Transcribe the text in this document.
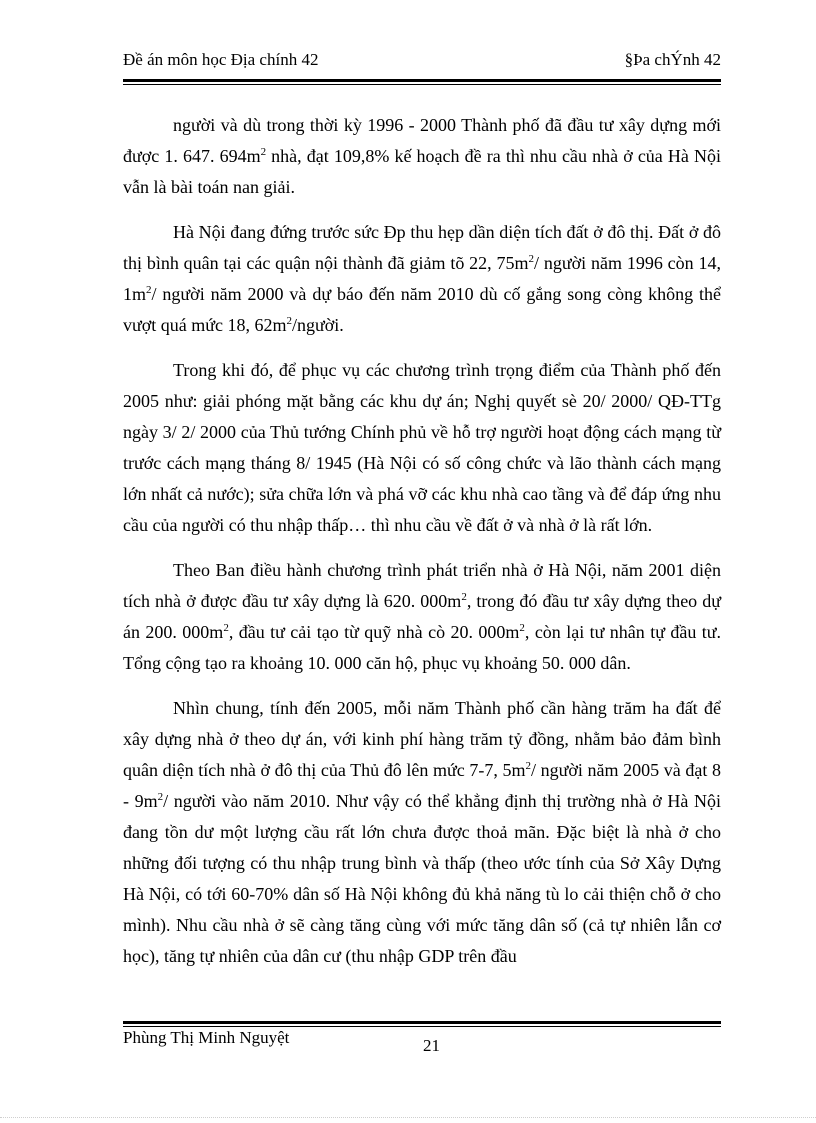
Đề án môn học Địa chính 42	§Þa chÝnh 42

người và dù trong thời kỳ 1996 - 2000 Thành phố đã đầu tư xây dựng mới được 1. 647. $694m^2$ nhà, đạt 109,8% kế hoạch đề ra thì nhu cầu nhà ở của Hà Nội vẫn là bài toán nan giải.

Hà Nội đang đứng trước sức Ðp thu hẹp dần diện tích đất ở đô thị. Đất ở đô thị bình quân tại các quận nội thành đã giảm tõ 22, $75m^2/$ người năm 1996 còn 14, $1m^2/$ người năm 2000 và dự báo đến năm 2010 dù cố gắng song còng không thể vượt quá mức 18, $62m^2$/người.

Trong khi đó, để phục vụ các chương trình trọng điểm của Thành phố đến 2005 như: giải phóng mặt bằng các khu dự án; Nghị quyết sè 20/ 2000/ QĐ-TTg ngày 3/ 2/ 2000 của Thủ tướng Chính phủ về hỗ trợ người hoạt động cách mạng từ trước cách mạng tháng 8/ 1945 (Hà Nội có số công chức và lão thành cách mạng lớn nhất cả nước); sửa chữa lớn và phá vỡ các khu nhà cao tầng và để đáp ứng nhu cầu của người có thu nhập thấp… thì nhu cầu về đất ở và nhà ở là rất lớn.

Theo Ban điều hành chương trình phát triển nhà ở Hà Nội, năm 2001 diện tích nhà ở được đầu tư xây dựng là 620. $000m^2$, trong đó đầu tư xây dựng theo dự án 200. $000m^2$, đầu tư cải tạo từ quỹ nhà cò 20. $000m^2$, còn lại tư nhân tự đầu tư. Tổng cộng tạo ra khoảng 10. 000 căn hộ, phục vụ khoảng 50. 000 dân.

Nhìn chung, tính đến 2005, mỗi năm Thành phố cần hàng trăm ha đất để xây dựng nhà ở theo dự án, với kinh phí hàng trăm tỷ đồng, nhằm bảo đảm bình quân diện tích nhà ở đô thị của Thủ đô lên mức 7-7, $5m^2/$ người năm 2005 và đạt $8 - 9m^2/$ người vào năm 2010. Như vậy có thể khẳng định thị trường nhà ở Hà Nội đang tồn dư một lượng cầu rất lớn chưa được thoả mãn. Đặc biệt là nhà ở cho những đối tượng có thu nhập trung bình và thấp (theo ước tính của Sở Xây Dựng Hà Nội, có tới 60-70% dân số Hà Nội không đủ khả năng tù lo cải thiện chỗ ở cho mình). Nhu cầu nhà ở sẽ càng tăng cùng với mức tăng dân số (cả tự nhiên lẫn cơ học), tăng tự nhiên của dân cư (thu nhập GDP trên đầu

Phùng Thị Minh Nguyệt	21
